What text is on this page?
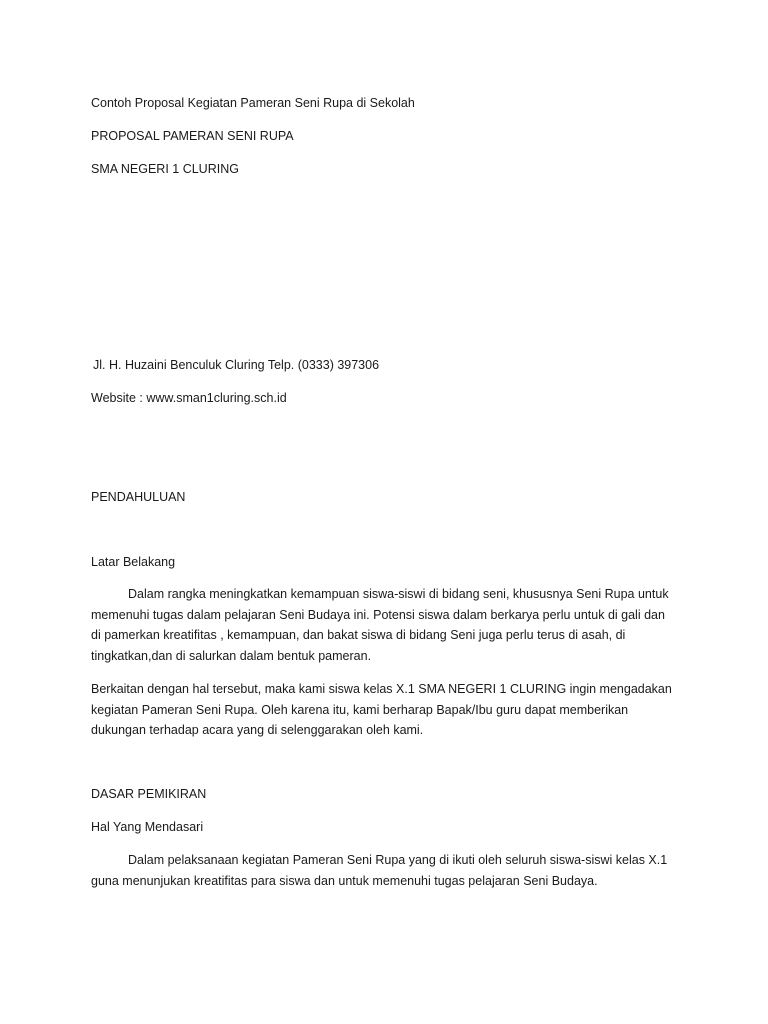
Contoh Proposal Kegiatan Pameran Seni Rupa di Sekolah
PROPOSAL PAMERAN SENI RUPA
SMA NEGERI 1 CLURING
Jl. H. Huzaini Benculuk Cluring Telp. (0333) 397306
Website : www.sman1cluring.sch.id
PENDAHULUAN
Latar Belakang
Dalam rangka meningkatkan kemampuan siswa-siswi di bidang seni, khususnya Seni Rupa untuk
memenuhi tugas dalam pelajaran Seni Budaya ini. Potensi siswa dalam berkarya perlu untuk di gali dan
di pamerkan kreatifitas , kemampuan, dan bakat siswa di bidang Seni juga perlu terus di asah, di
tingkatkan,dan di salurkan dalam bentuk pameran.
Berkaitan dengan hal tersebut, maka kami siswa kelas X.1 SMA NEGERI 1 CLURING ingin mengadakan
kegiatan Pameran Seni Rupa. Oleh karena itu, kami berharap Bapak/Ibu guru dapat memberikan
dukungan terhadap acara yang di selenggarakan oleh kami.
DASAR PEMIKIRAN
Hal Yang Mendasari
Dalam pelaksanaan kegiatan Pameran Seni Rupa yang di ikuti oleh seluruh siswa-siswi kelas X.1
guna menunjukan kreatifitas para siswa dan untuk memenuhi tugas pelajaran Seni Budaya.
